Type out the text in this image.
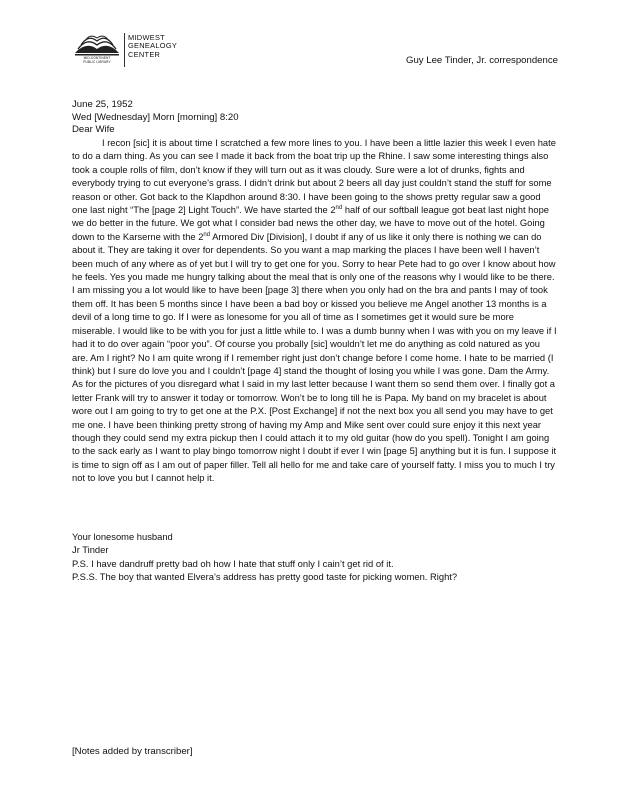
MID-CONTINENT
PUBLIC LIBRARY
MIDWEST
GENEALOGY
CENTER
Guy Lee Tinder, Jr. correspondence
June 25, 1952
Wed [Wednesday] Morn [morning] 8:20
Dear Wife

I recon [sic] it is about time I scratched a few more lines to you. I have been a little lazier this week I even hate to do a darn thing. As you can see I made it back from the boat trip up the Rhine. I saw some interesting things also took a couple rolls of film, don’t know if they will turn out as it was cloudy. Sure were a lot of drunks, fights and everybody trying to cut everyone’s grass. I didn’t drink but about 2 beers all day just couldn’t stand the stuff for some reason or other. Got back to the Klapdhon around 8:30. I have been going to the shows pretty regular saw a good one last night “The [page 2] Light Touch”. We have started the 2nd half of our softball league got beat last night hope we do better in the future. We got what I consider bad news the other day, we have to move out of the hotel. Going down to the Karserne with the 2nd Armored Div [Division], I doubt if any of us like it only there is nothing we can do about it. They are taking it over for dependents. So you want a map marking the places I have been well I haven’t been much of any where as of yet but I will try to get one for you. Sorry to hear Pete had to go over I know about how he feels. Yes you made me hungry talking about the meal that is only one of the reasons why I would like to be there. I am missing you a lot would like to have been [page 3] there when you only had on the bra and pants I may of took them off. It has been 5 months since I have been a bad boy or kissed you believe me Angel another 13 months is a devil of a long time to go. If I were as lonesome for you all of time as I sometimes get it would sure be more miserable. I would like to be with you for just a little while to. I was a dumb bunny when I was with you on my leave if I had it to do over again “poor you”. Of course you probally [sic] wouldn’t let me do anything as cold natured as you are. Am I right? No I am quite wrong if I remember right just don’t change before I come home. I hate to be married (I think) but I sure do love you and I couldn’t [page 4] stand the thought of losing you while I was gone. Dam the Army. As for the pictures of you disregard what I said in my last letter because I want them so send them over. I finally got a letter Frank will try to answer it today or tomorrow. Won’t be to long till he is Papa. My band on my bracelet is about wore out I am going to try to get one at the P.X. [Post Exchange] if not the next box you all send you may have to get me one. I have been thinking pretty strong of having my Amp and Mike sent over could sure enjoy it this next year though they could send my extra pickup then I could attach it to my old guitar (how do you spell). Tonight I am going to the sack early as I want to play bingo tomorrow night I doubt if ever I win [page 5] anything but it is fun. I suppose it is time to sign off as I am out of paper filler. Tell all hello for me and take care of yourself fatty. I miss you to much I try not to love you but I cannot help it.

Your lonesome husband
Jr Tinder
P.S. I have dandruff pretty bad oh how I hate that stuff only I cain’t get rid of it.
P.S.S. The boy that wanted Elvera’s address has pretty good taste for picking women. Right?
[Notes added by transcriber]
